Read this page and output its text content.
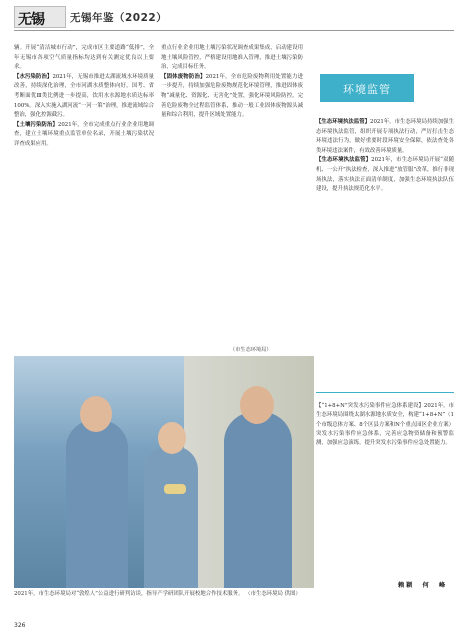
无锡 无锡年鉴（2022）

辆。开展“清洁城市行动”，完成市区主要道路“低排”，全年无锡市各项空气质量指标均达到有关测定优良以上要求。

【水污染防治】2021年，无锡市推进太湖流域水环境质量改善，持续深化治理，全市河湖水质整体向好，国考、省考断面优Ⅲ类比例进一步提高，饮用水水源地水质达标率100%。深入实施入湖河流“一河一策”治理，推进流域综合整治，强化控源截污。

【土壤污染防治】2021年，全市完成重点行业企业用地调查，建立土壤环境重点监管单位名录，开展土壤污染状况详查成果应用。

重点行业企业用地土壤污染状况调查成果集成，启动建设用地土壤风险管控，严格建设用地准入管理，推进土壤污染防治，完成目标任务。

【固体废物防治】2021年，全市危险废物利用处置能力进一步提升，持续加强危险废物规范化环境管理，推进固体废物“减量化、资源化、无害化”处置，强化环境风险防控，完善危险废物全过程监管体系，推动一般工业固体废物源头减量和综合利用，提升区域处置能力。

（市生态环境局）
环境监管

【生态环境执法监管】2021年，市生态环境局持续加强生态环境执法监管，组织开展专项执法行动，严厉打击生态环境违法行为，做好重要时段环境安全保障，依法查处各类环境违法案件，有效改善环境质量。

【生态环境执法监管】2021年，市生态环境局开展“双随机、一公开”执法检查，深入推进“放管服”改革，推行非现场执法，落实执法正面清单制度，加强生态环境执法队伍建设，提升执法规范化水平。

【“1+8+N”突发水污染事件应急体系建设】2021年，市生态环境局围绕太湖水源地水质安全，构建“1+8+N”（1个市级总体方案、8个区县方案和N个重点园区企业方案）突发水污染事件应急体系，完善应急物资储备和预警监测，加强应急演练，提升突发水污染事件应急处置能力。

2021年，市生态环境局对“敦煌人”公益进行研判访谈，指导产学研团队开展校地合作技术服务。 （市生态环境局 供图）
赖颖　何　峰
326
